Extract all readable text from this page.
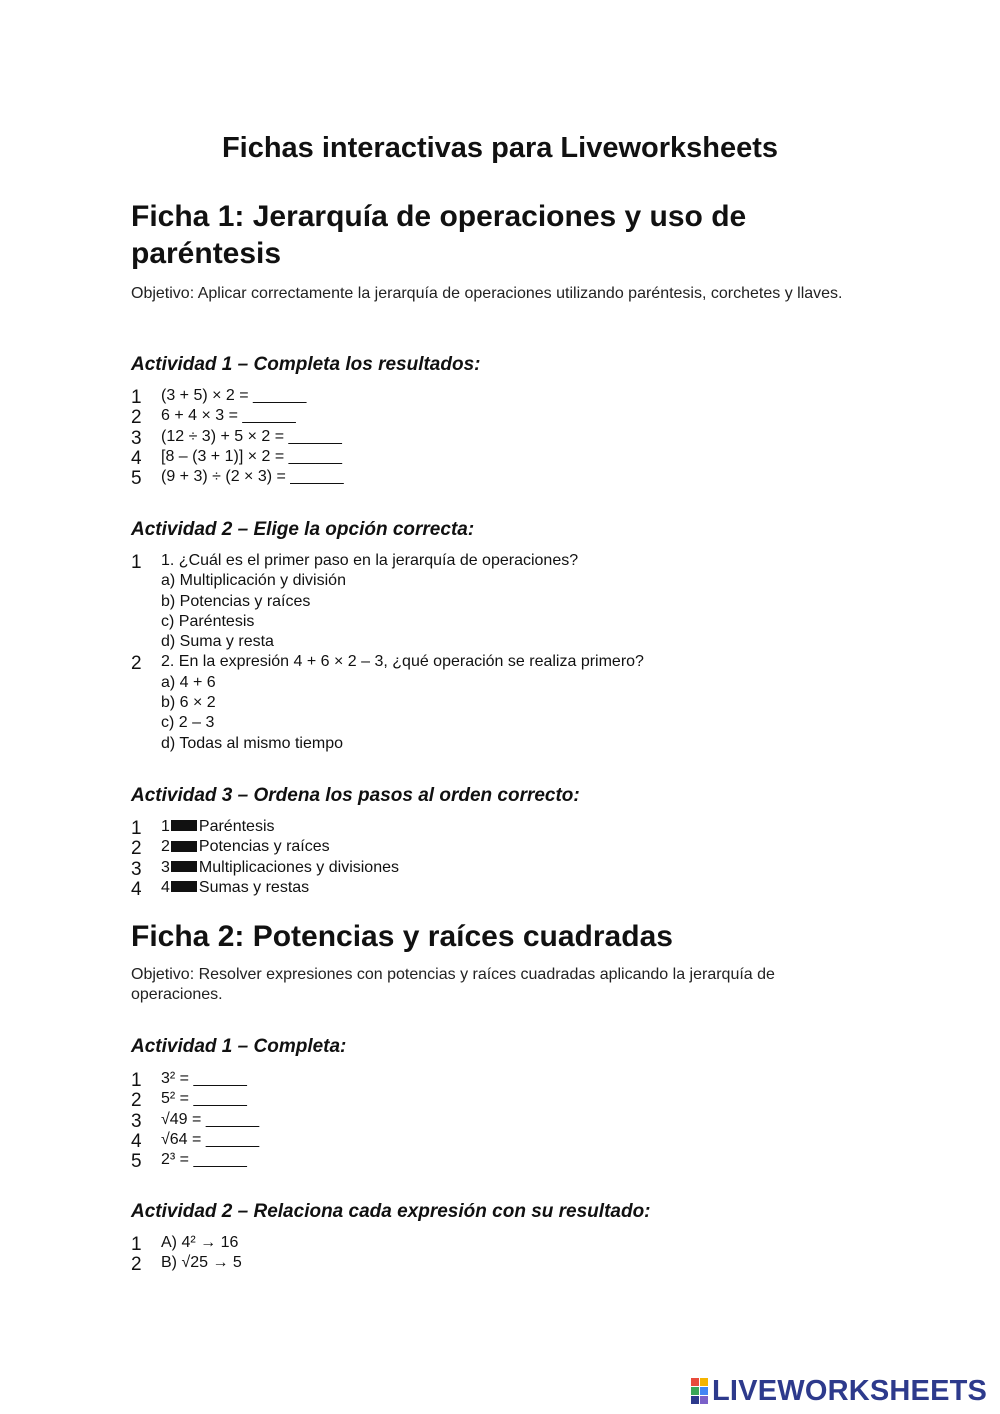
Fichas interactivas para Liveworksheets
Ficha 1: Jerarquía de operaciones y uso de paréntesis

Objetivo: Aplicar correctamente la jerarquía de operaciones utilizando paréntesis, corchetes y llaves.

Actividad 1 – Completa los resultados:
1 (3 + 5) × 2 = ______
2 6 + 4 × 3 = ______
3 (12 ÷ 3) + 5 × 2 = ______
4 [8 – (3 + 1)] × 2 = ______
5 (9 + 3) ÷ (2 × 3) = ______
Actividad 2 – Elige la opción correcta:
1 1. ¿Cuál es el primer paso en la jerarquía de operaciones?
a) Multiplicación y división
b) Potencias y raíces
c) Paréntesis
d) Suma y resta
2 2. En la expresión 4 + 6 × 2 – 3, ¿qué operación se realiza primero?
a) 4 + 6
b) 6 × 2
c) 2 – 3
d) Todas al mismo tiempo
Actividad 3 – Ordena los pasos al orden correcto:
1 1 Paréntesis
2 2 Potencias y raíces
3 3 Multiplicaciones y divisiones
4 4 Sumas y restas
Ficha 2: Potencias y raíces cuadradas

Objetivo: Resolver expresiones con potencias y raíces cuadradas aplicando la jerarquía de operaciones.

Actividad 1 – Completa:
1 3² = ______
2 5² = ______
3 √49 = ______
4 √64 = ______
5 2³ = ______
Actividad 2 – Relaciona cada expresión con su resultado:
1 A) 4² → 16
2 B) √25 → 5
LIVEWORKSHEETS
